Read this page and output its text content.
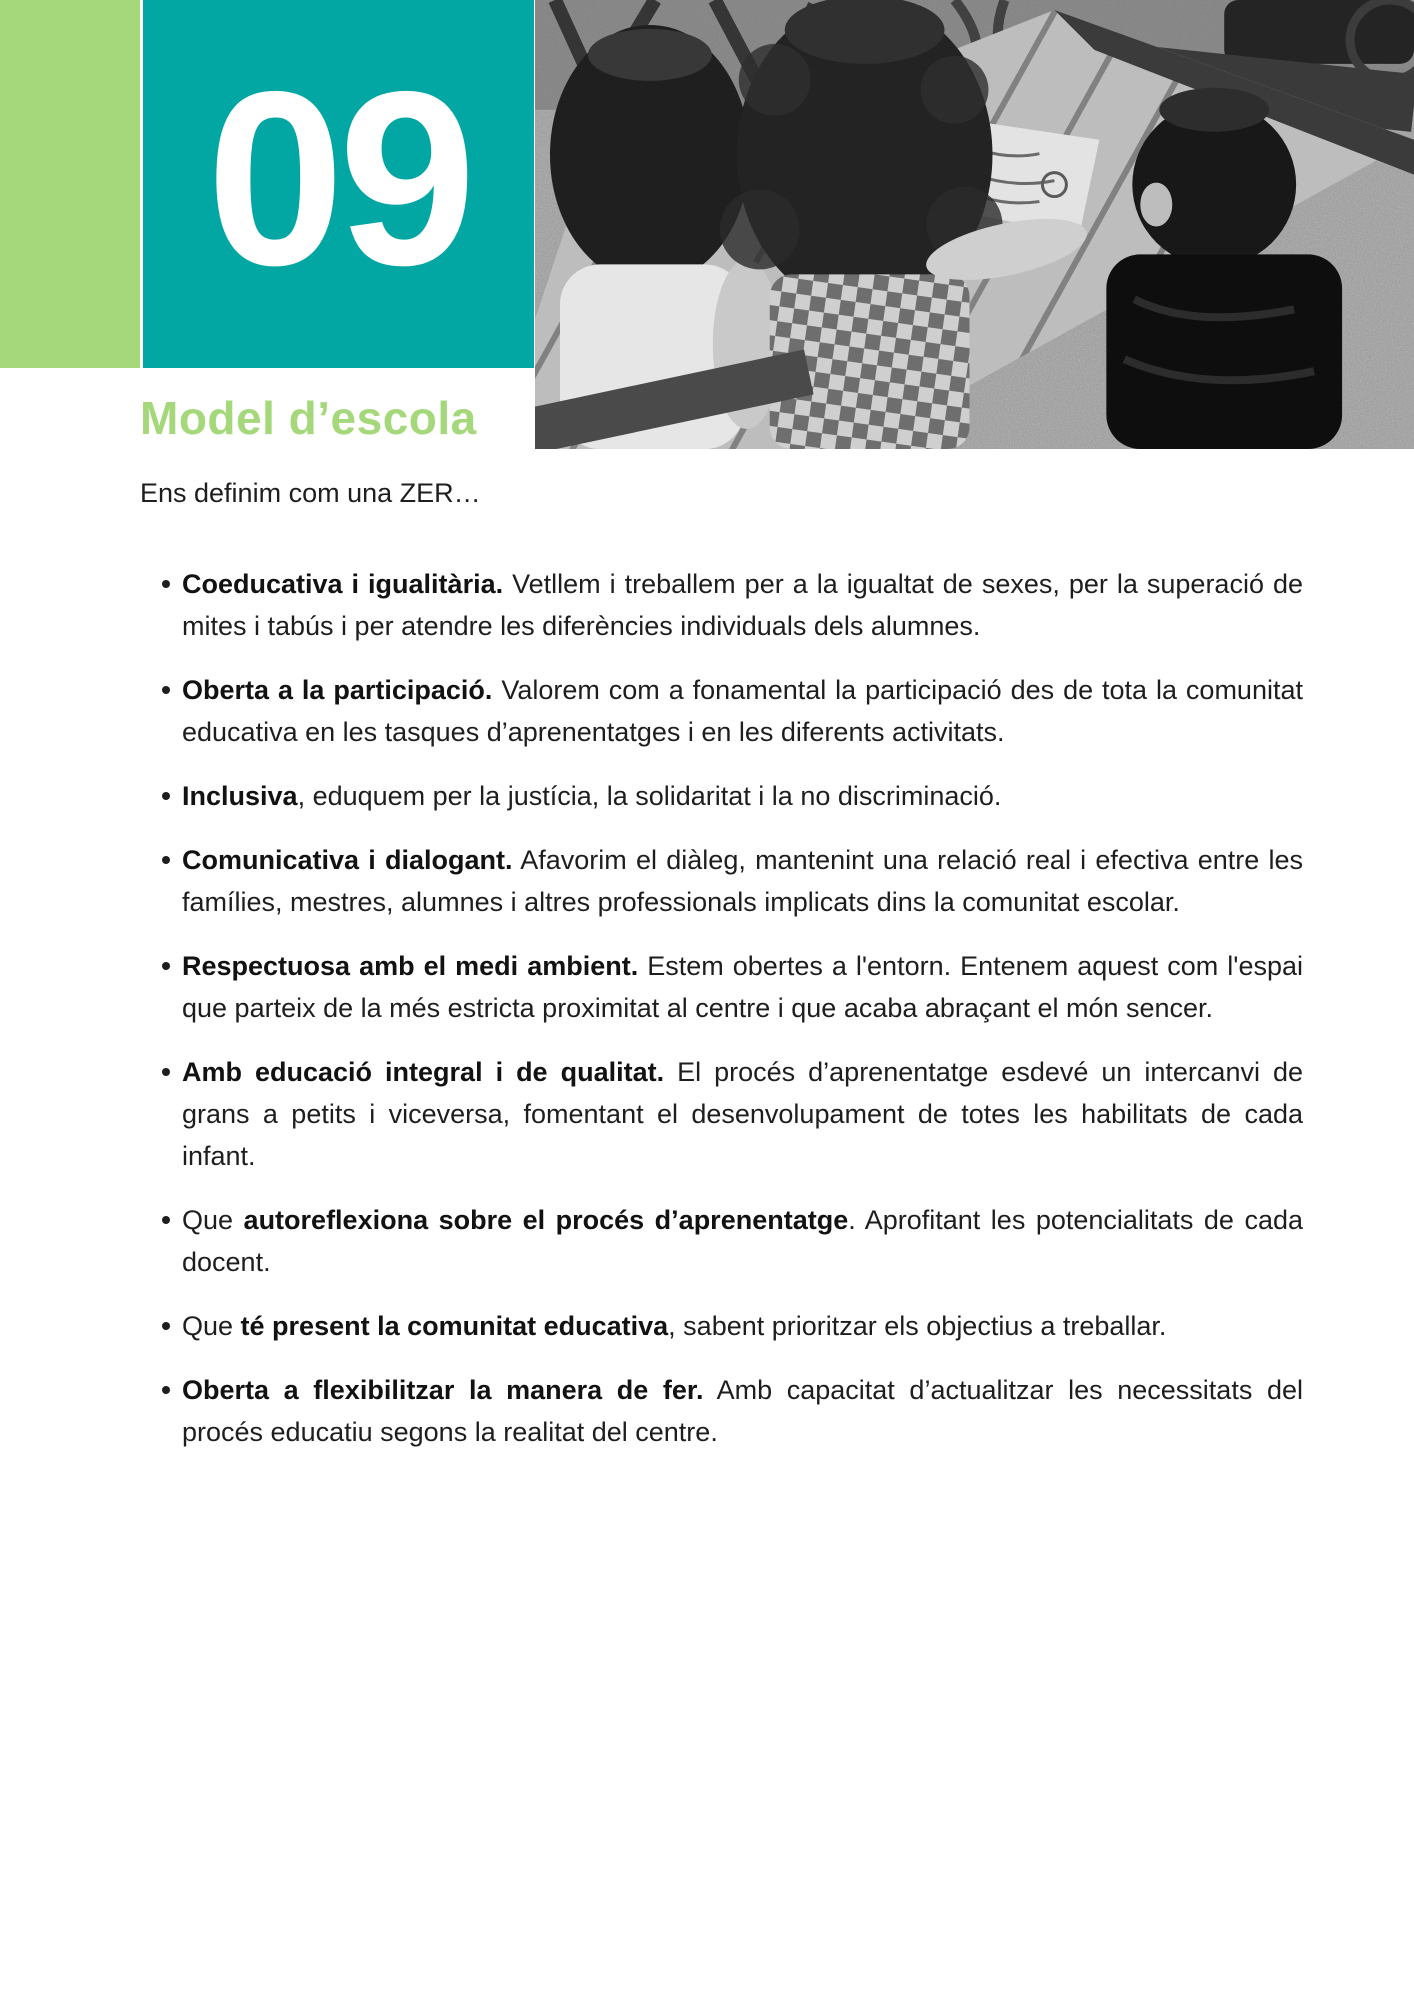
09
Model d’escola

Ens definim com una ZER…

Coeducativa i igualitària. Vetllem i treballem per a la igualtat de sexes, per la superació de mites i tabús i per atendre les diferències individuals dels alumnes.
Oberta a la participació. Valorem com a fonamental la participació des de tota la comunitat educativa en les tasques d’aprenentatges i en les diferents activitats.
Inclusiva, eduquem per la justícia, la solidaritat i la no discriminació.
Comunicativa i dialogant. Afavorim el diàleg, mantenint una relació real i efectiva entre les famílies, mestres, alumnes i altres professionals implicats dins la comunitat escolar.
Respectuosa amb el medi ambient. Estem obertes a l'entorn. Entenem aquest com l'espai que parteix de la més estricta proximitat al centre i que acaba abraçant el món sencer.
Amb educació integral i de qualitat. El procés d’aprenentatge esdevé un intercanvi de grans a petits i viceversa, fomentant el desenvolupament de totes les habilitats de cada infant.
Que autoreflexiona sobre el procés d’aprenentatge. Aprofitant les potencialitats de cada docent.
Que té present la comunitat educativa, sabent prioritzar els objectius a treballar.
Oberta a flexibilitzar la manera de fer. Amb capacitat d’actualitzar les necessitats del procés educatiu segons la realitat del centre.
